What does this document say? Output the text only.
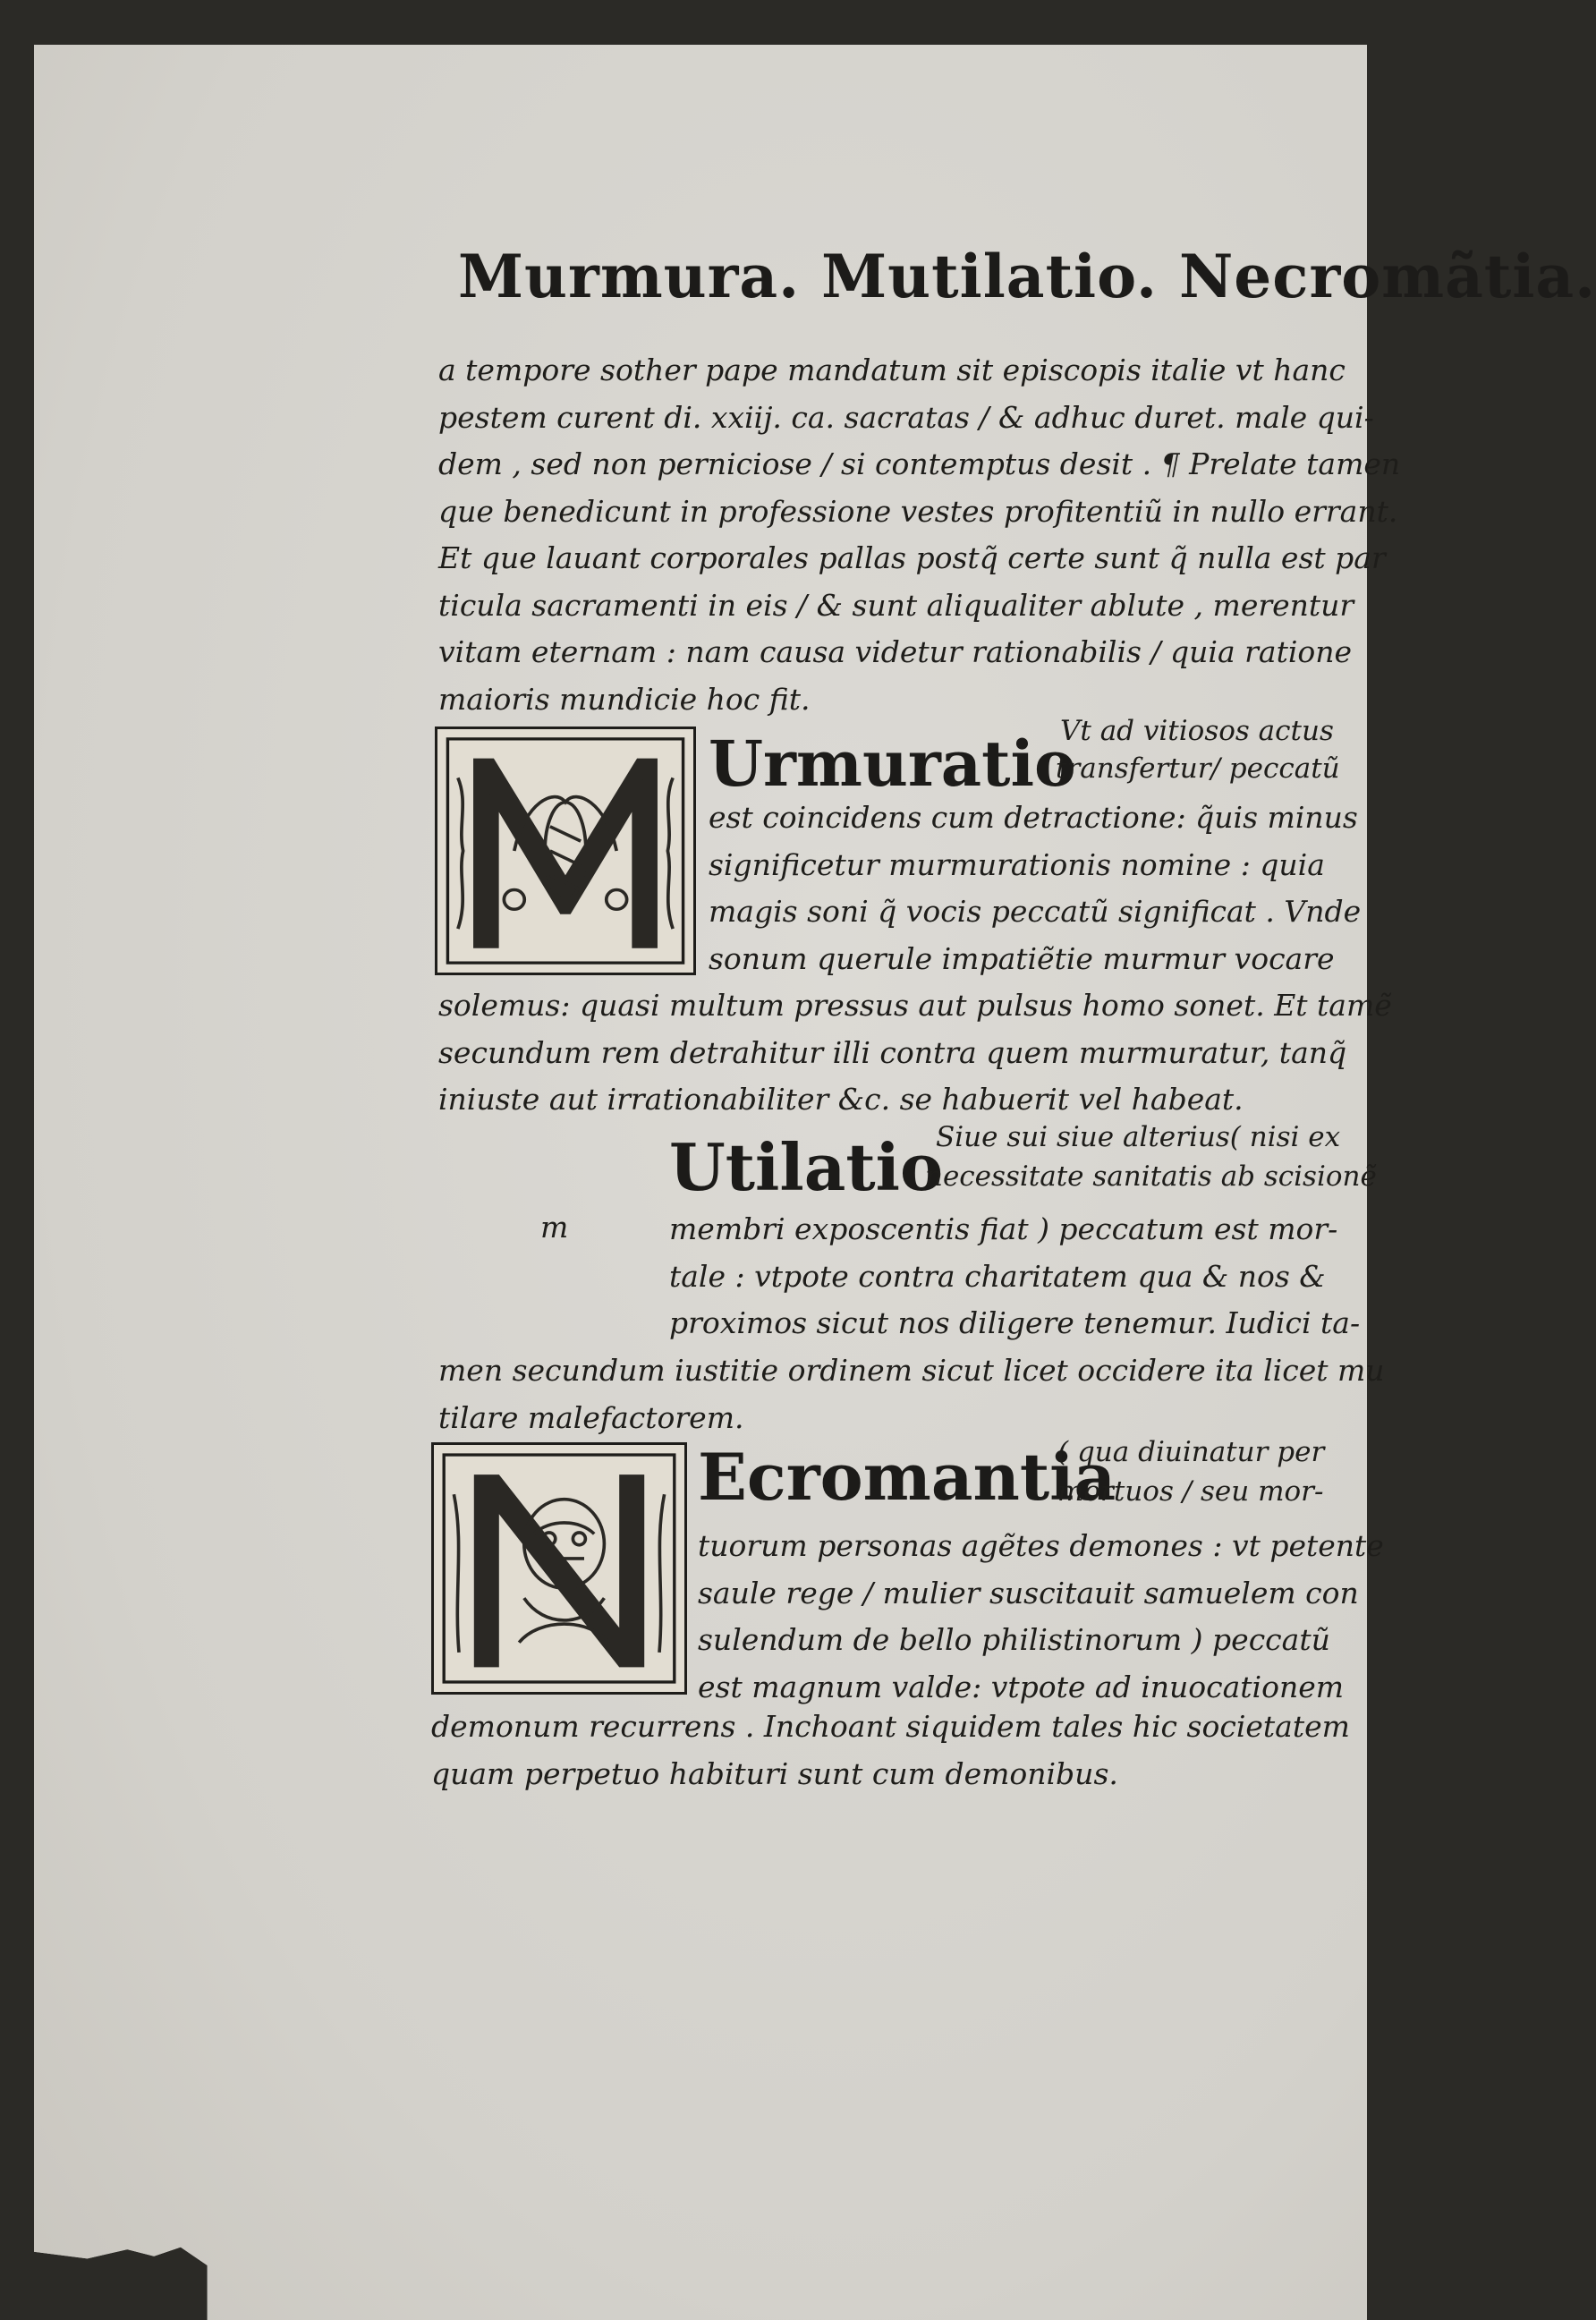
Murmura. Mutilatio. Necromãtia.
a tempore sother pape mandatum sit episcopis italie vt hanc
pestem curent di. xxiij. ca. sacratas / & adhuc duret. male qui-
dem , sed non perniciose / si contemptus desit . ¶ Prelate tamen
que benedicunt in professione vestes profitentiũ in nullo errant.
Et que lauant corporales pallas postq̃ certe sunt q̃ nulla est par
ticula sacramenti in eis / & sunt aliqualiter ablute , merentur
vitam eternam : nam causa videtur rationabilis / quia ratione
maioris mundicie hoc fit.
Urmuratio
Vt ad vitiosos actus
transfertur/ peccatũ
est coincidens cum detractione: q̃uis minus
significetur murmurationis nomine : quia
magis soni q̃ vocis peccatũ significat . Vnde
sonum querule impatiẽtie murmur vocare
solemus: quasi multum pressus aut pulsus homo sonet. Et tamẽ
secundum rem detrahitur illi contra quem murmuratur, tanq̃
iniuste aut irrationabiliter &c. se habuerit vel habeat.
m
Utilatio
Siue sui siue alterius( nisi ex
necessitate sanitatis ab scisionẽ
membri exposcentis fiat ) peccatum est mor-
tale : vtpote contra charitatem qua & nos &
proximos sicut nos diligere tenemur. Iudici ta-
men secundum iustitie ordinem sicut licet occidere ita licet mu
tilare malefactorem.
Ecromantia
( qua diuinatur per
mortuos / seu mor-
tuorum personas agẽtes demones : vt petente
saule rege / mulier suscitauit samuelem con
sulendum de bello philistinorum ) peccatũ
est magnum valde: vtpote ad inuocationem
demonum recurrens . Inchoant siquidem tales hic societatem
quam perpetuo habituri sunt cum demonibus.
